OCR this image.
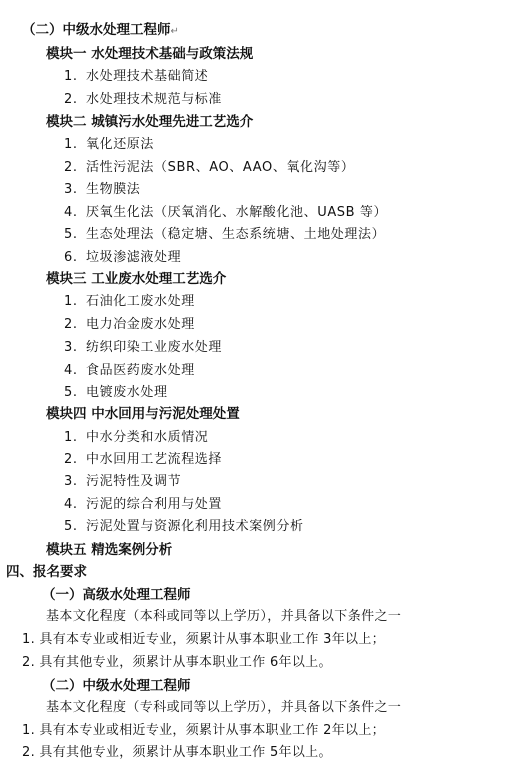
（二）中级水处理工程师↵
模块一 水处理技术基础与政策法规
1. 水处理技术基础简述
2. 水处理技术规范与标准
模块二 城镇污水处理先进工艺选介
1. 氧化还原法
2. 活性污泥法（SBR、AO、AAO、氧化沟等）
3. 生物膜法
4. 厌氧生化法（厌氧消化、水解酸化池、UASB 等）
5. 生态处理法（稳定塘、生态系统塘、土地处理法）
6. 垃圾渗滤液处理
模块三 工业废水处理工艺选介
1. 石油化工废水处理
2. 电力冶金废水处理
3. 纺织印染工业废水处理
4. 食品医药废水处理
5. 电镀废水处理
模块四 中水回用与污泥处理处置
1. 中水分类和水质情况
2. 中水回用工艺流程选择
3. 污泥特性及调节
4. 污泥的综合利用与处置
5. 污泥处置与资源化利用技术案例分析
模块五 精选案例分析
四、报名要求
（一）高级水处理工程师
基本文化程度（本科或同等以上学历），并具备以下条件之一
1. 具有本专业或相近专业，须累计从事本职业工作 3年以上；
2. 具有其他专业，须累计从事本职业工作 6年以上。
（二）中级水处理工程师
基本文化程度（专科或同等以上学历），并具备以下条件之一
1. 具有本专业或相近专业，须累计从事本职业工作 2年以上；
2. 具有其他专业，须累计从事本职业工作 5年以上。
